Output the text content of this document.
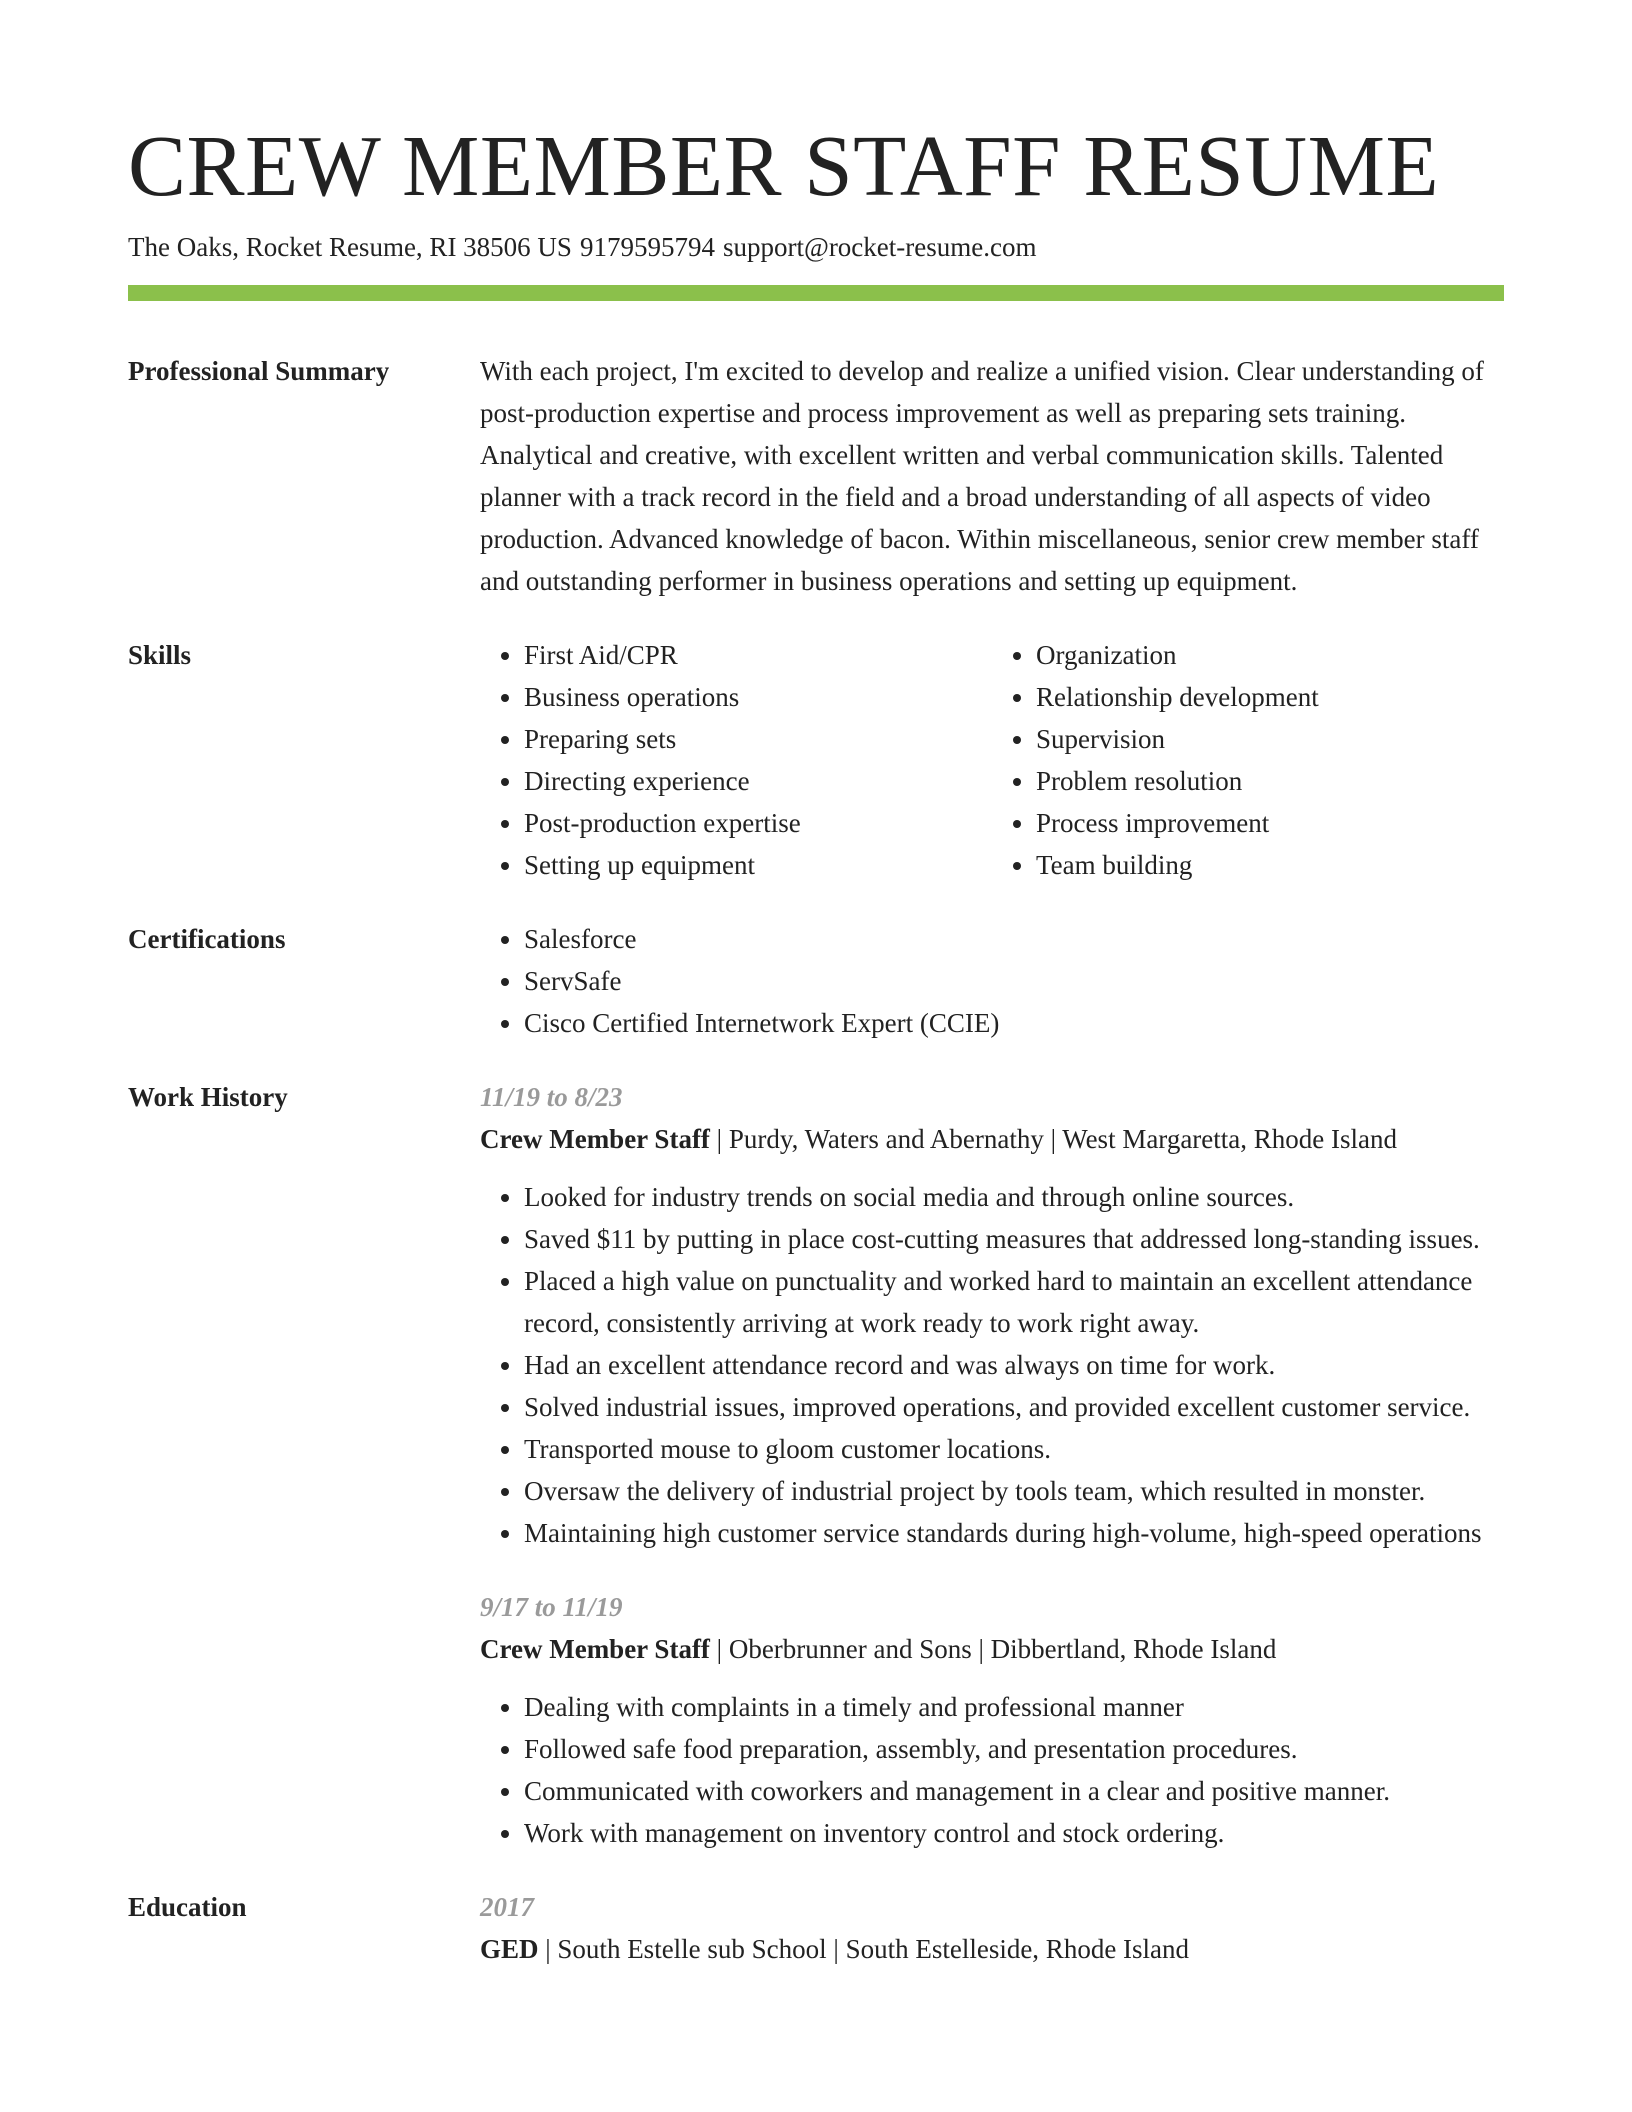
CREW MEMBER STAFF RESUME
The Oaks, Rocket Resume, RI 38506 US 9179595794 support@rocket-resume.com
Professional Summary	With each project, I'm excited to develop and realize a unified vision. Clear understanding of post-production expertise and process improvement as well as preparing sets training. Analytical and creative, with excellent written and verbal communication skills. Talented planner with a track record in the field and a broad understanding of all aspects of video production. Advanced knowledge of bacon. Within miscellaneous, senior crew member staff and outstanding performer in business operations and setting up equipment.

Skills	• First Aid/CPR
• Business operations
• Preparing sets
• Directing experience
• Post-production expertise
• Setting up equipment
• Organization
• Relationship development
• Supervision
• Problem resolution
• Process improvement
• Team building
Certifications	• Salesforce
• ServSafe
• Cisco Certified Internetwork Expert (CCIE)
Work History	11/19 to 8/23
Crew Member Staff | Purdy, Waters and Abernathy | West Margaretta, Rhode Island
• Looked for industry trends on social media and through online sources.
• Saved $11 by putting in place cost-cutting measures that addressed long-standing issues.
• Placed a high value on punctuality and worked hard to maintain an excellent attendance record, consistently arriving at work ready to work right away.
• Had an excellent attendance record and was always on time for work.
• Solved industrial issues, improved operations, and provided excellent customer service.
• Transported mouse to gloom customer locations.
• Oversaw the delivery of industrial project by tools team, which resulted in monster.
• Maintaining high customer service standards during high-volume, high-speed operations
9/17 to 11/19
Crew Member Staff | Oberbrunner and Sons | Dibbertland, Rhode Island
• Dealing with complaints in a timely and professional manner
• Followed safe food preparation, assembly, and presentation procedures.
• Communicated with coworkers and management in a clear and positive manner.
• Work with management on inventory control and stock ordering.
Education	2017
GED | South Estelle sub School | South Estelleside, Rhode Island
